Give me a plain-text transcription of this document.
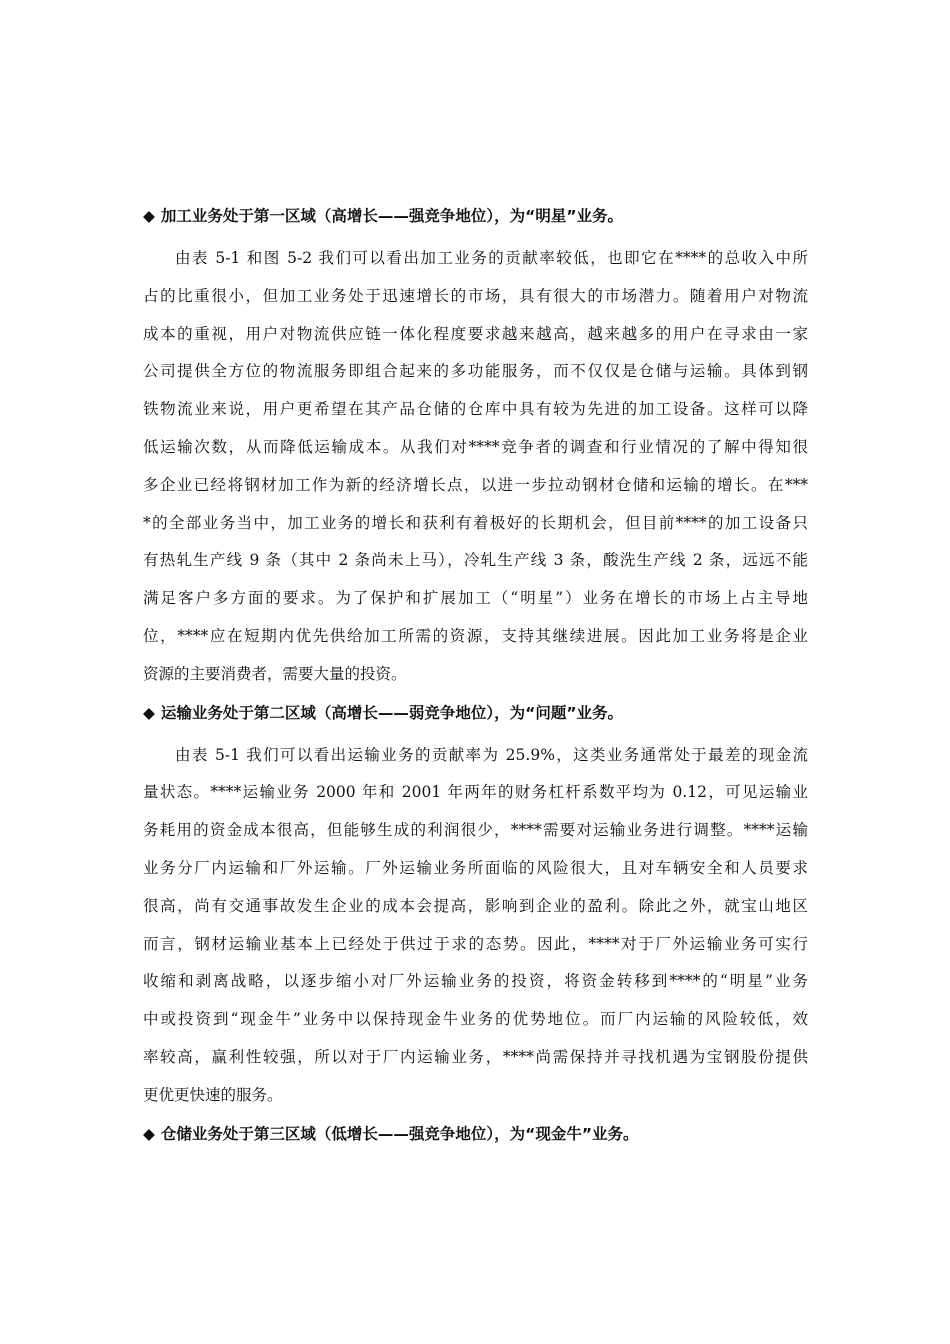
◆ 加工业务处于第一区域（高增长——强竞争地位），为“明星”业务。
由表 5-1 和图 5-2 我们可以看出加工业务的贡献率较低，也即它在****的总收入中所
占的比重很小，但加工业务处于迅速增长的市场，具有很大的市场潜力。随着用户对物流
成本的重视，用户对物流供应链一体化程度要求越来越高，越来越多的用户在寻求由一家
公司提供全方位的物流服务即组合起来的多功能服务，而不仅仅是仓储与运输。具体到钢
铁物流业来说，用户更希望在其产品仓储的仓库中具有较为先进的加工设备。这样可以降
低运输次数，从而降低运输成本。从我们对****竞争者的调查和行业情况的了解中得知很
多企业已经将钢材加工作为新的经济增长点，以进一步拉动钢材仓储和运输的增长。在***
*的全部业务当中，加工业务的增长和获利有着极好的长期机会，但目前****的加工设备只
有热轧生产线 9 条（其中 2 条尚未上马），冷轧生产线 3 条，酸洗生产线 2 条，远远不能
满足客户多方面的要求。为了保护和扩展加工（“明星”）业务在增长的市场上占主导地
位，****应在短期内优先供给加工所需的资源，支持其继续进展。因此加工业务将是企业
资源的主要消费者，需要大量的投资。
◆ 运输业务处于第二区域（高增长——弱竞争地位），为“问题”业务。
由表 5-1 我们可以看出运输业务的贡献率为 25.9%，这类业务通常处于最差的现金流
量状态。****运输业务 2000 年和 2001 年两年的财务杠杆系数平均为 0.12，可见运输业
务耗用的资金成本很高，但能够生成的利润很少，****需要对运输业务进行调整。****运输
业务分厂内运输和厂外运输。厂外运输业务所面临的风险很大，且对车辆安全和人员要求
很高，尚有交通事故发生企业的成本会提高，影响到企业的盈利。除此之外，就宝山地区
而言，钢材运输业基本上已经处于供过于求的态势。因此，****对于厂外运输业务可实行
收缩和剥离战略，以逐步缩小对厂外运输业务的投资，将资金转移到****的“明星”业务
中或投资到“现金牛”业务中以保持现金牛业务的优势地位。而厂内运输的风险较低，效
率较高，赢利性较强，所以对于厂内运输业务，****尚需保持并寻找机遇为宝钢股份提供
更优更快速的服务。
◆ 仓储业务处于第三区域（低增长——强竞争地位），为“现金牛”业务。
